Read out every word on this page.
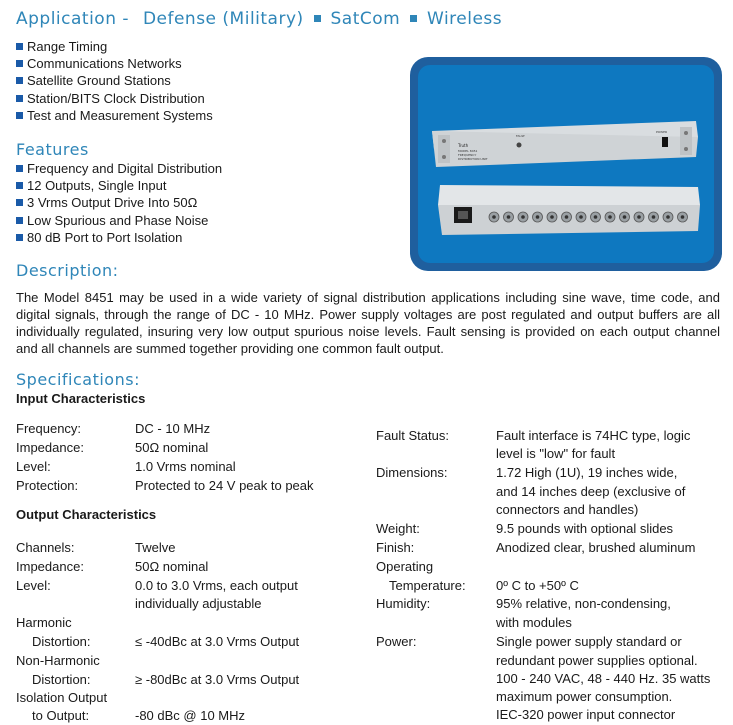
Application - Defense (Military) SatCom Wireless
Range Timing
Communications Networks
Satellite Ground Stations
Station/BITS Clock Distribution
Test and Measurement Systems
Features
Frequency and Digital Distribution
12 Outputs, Single Input
3 Vrms Output Drive Into 50Ω
Low Spurious and Phase Noise
80 dB Port to Port Isolation
Truth
MODEL 8451
FREQUENCY
DISTRIBUTION UNIT
FAULT
POWER
Description:

The Model 8451 may be used in a wide variety of signal distribution applications including sine wave, time code, and digital signals, through the range of DC - 10 MHz. Power supply voltages are post regulated and output buffers are all individually regulated, insuring very low output spurious noise levels. Fault sensing is provided on each output channel and all channels are summed together providing one common fault output.

Specifications:
Input Characteristics
Frequency:	DC - 10 MHz
Impedance:	50Ω nominal
Level:	1.0 Vrms nominal
Protection:	Protected to 24 V peak to peak
Output Characteristics
Channels:	Twelve
Impedance:	50Ω nominal
Level:	0.0 to 3.0 Vrms, each output
individually adjustable
Harmonic
Distortion:	≤ -40dBc at 3.0 Vrms Output
Non-Harmonic
Distortion:	≥ -80dBc at 3.0 Vrms Output
Isolation Output
to Output:	-80 dBc @ 10 MHz
Fault Status:	Fault interface is 74HC type, logic
level is "low" for fault
Dimensions:	1.72 High (1U), 19 inches wide,
and 14 inches deep (exclusive of
connectors and handles)
Weight:	9.5 pounds with optional slides
Finish:	Anodized clear, brushed aluminum
Operating
Temperature: 0º C to +50º C
Humidity:	95% relative, non-condensing,
with modules
Power:	Single power supply standard or
redundant power supplies optional.
100 - 240 VAC, 48 - 440 Hz. 35 watts
maximum power consumption.
IEC-320 power input connector
